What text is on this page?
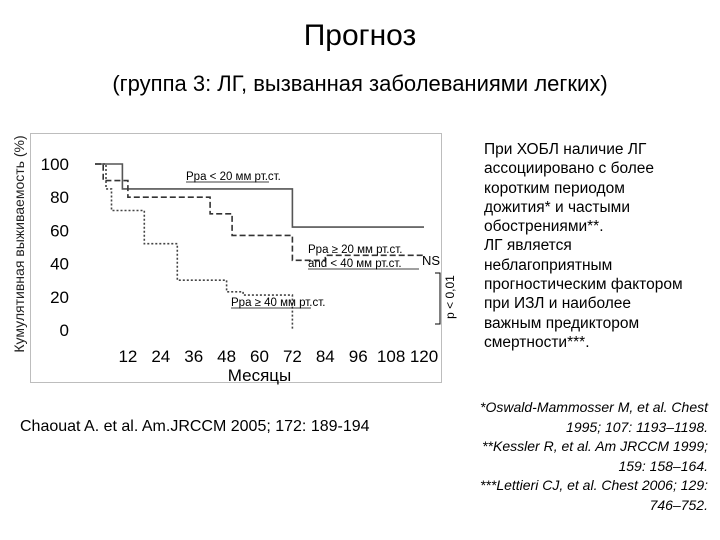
Прогноз
(группа 3: ЛГ, вызванная заболеваниями легких)
0
20
40
60
80
100
12 24 36 48 60 72 84 96 108 120
Месяцы
Кумулятивная выживаемость (%)	Ppa < 20 мм рт.ст.
Ppa ≥ 20 мм рт.ст.
and < 40 мм рт.ст.
Ppa ≥ 40 мм рт.ст.
NS
p < 0,01
При ХОБЛ наличие ЛГ
ассоциировано с более
коротким периодом
дожития* и частыми
обострениями**.
ЛГ является
неблагоприятным
прогностическим фактором
при ИЗЛ и наиболее
важным предиктором
смертности***.
Chaouat A. et al. Am.JRCCM 2005; 172: 189-194
*Oswald-Mammosser M, et al. Chest
1995; 107: 1193–1198.
**Kessler R, et al. Am JRCCM 1999;
159: 158–164.
***Lettieri CJ, et al. Chest 2006; 129:
746–752.
